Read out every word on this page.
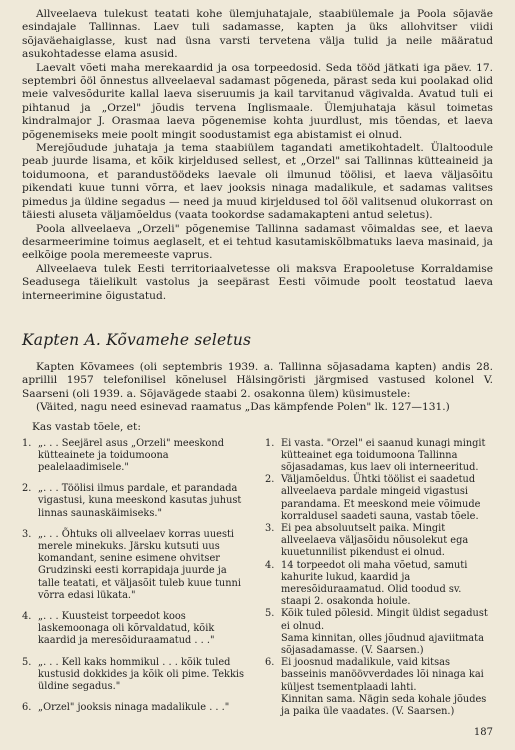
Allveelaeva tulekust teatati kohe ülemjuhatajale, staabiülemale ja Poola sõjaväe esindajale Tallinnas. Laev tuli sadamasse, kapten ja üks allohvitser viidi sõjaväehaiglasse, kust nad üsna varsti tervetena välja tulid ja neile määratud asukohtadesse elama asusid.

Laevalt võeti maha merekaardid ja osa torpeedosid. Seda tööd jätkati iga päev. 17. septembri õöl õnnestus allveelaeval sadamast põgeneda, pärast seda kui poolakad olid meie valvesõdurite kallal laeva siseruumis ja kail tarvitanud vägivalda. Avatud tuli ei pihtanud ja „Orzel" jõudis tervena Inglismaale. Ülemjuhataja käsul toimetas kindralmajor J. Orasmaa laeva põgenemise kohta juurdlust, mis tõendas, et laeva põgenemiseks meie poolt mingit soodustamist ega abistamist ei olnud.

Merejõudude juhataja ja tema staabiülem tagandati ametikohtadelt. Ülaltoodule peab juurde lisama, et kõik kirjeldused sellest, et „Orzel" sai Tallinnas kütteaineid ja toidumoona, et parandustöödeks laevale oli ilmunud töölisi, et laeva väljasõitu pikendati kuue tunni võrra, et laev jooksis ninaga madalikule, et sadamas valitses pimedus ja üldine segadus — need ja muud kirjeldused tol õöl valitsenud olukorrast on täiesti aluseta väljamõeldus (vaata tookordse sadamakapteni antud seletus).

Poola allveelaeva „Orzeli" põgenemise Tallinna sadamast võimaldas see, et laeva desarmeerimine toimus aeglaselt, et ei tehtud kasutamiskõlbmatuks laeva masinaid, ja eelkõige poola meremeeste vaprus.

Allveelaeva tulek Eesti territoriaalvetesse oli maksva Erapooletuse Korraldamise Seadusega täielikult vastolus ja seepärast Eesti võimude poolt teostatud laeva interneerimine õigustatud.

Kapten A. Kõvamehe seletus

Kapten Kõvamees (oli septembris 1939. a. Tallinna sõjasadama kapten) andis 28. aprillil 1957 telefonilisel kõnelusel Hälsingöristi järgmised vastused kolonel V. Saarseni (oli 1939. a. Sõjavägede staabi 2. osakonna ülem) küsimustele:

(Väited, nagu need esinevad raamatus „Das kämpfende Polen" lk. 127—131.)

Kas vastab tõele, et:
1. „. . . Seejärel asus „Orzeli" meeskond kütteainete ja toidumoona pealelaadimisele."
2. „. . . Töölisi ilmus pardale, et parandada vigastusi, kuna meeskond kasutas juhust linnas saunaskäimiseks."
3. „. . . Õhtuks oli allveelaev korras uuesti merele minekuks. Järsku kutsuti uus komandant, senine esimene ohvitser Grudzinski eesti korrapidaja juurde ja talle teatati, et väljasõit tuleb kuue tunni võrra edasi lükata."
4. „. . . Kuusteist torpeedot koos laskemoonaga oli kõrvaldatud, kõik kaardid ja meresõiduraamatud . . ."
5. „. . . Kell kaks hommikul . . . kõik tuled kustusid dokkides ja kõik oli pime. Tekkis üldine segadus."
6. „Orzel" jooksis ninaga madalikule . . ."
1. Ei vasta. "Orzel" ei saanud kunagi mingit kütteainet ega toidumoona Tallinna sõjasadamas, kus laev oli interneeritud.
2. Väljamõeldus. Ühtki töölist ei saadetud allveelaeva pardale mingeid vigastusi parandama. Et meeskond meie võimude korraldusel saadeti sauna, vastab tõele.
3. Ei pea absoluutselt paika. Mingit allveelaeva väljasõidu nõusolekut ega kuuetunnilist pikendust ei olnud.
4. 14 torpeedot oli maha võetud, samuti kahurite lukud, kaardid ja meresõiduraamatud. Olid toodud sv. staapi 2. osakonda hoiule.
5. Kõik tuled põlesid. Mingit üldist segadust ei olnud.
Sama kinnitan, olles jõudnud ajaviitmata sõjasadamasse. (V. Saarsen.)
6. Ei joosnud madalikule, vaid kitsas basseinis manöövverdades lõi ninaga kai küljest tsementplaadi lahti.
Kinnitan sama. Nägin seda kohale jõudes ja paika üle vaadates. (V. Saarsen.)
187
